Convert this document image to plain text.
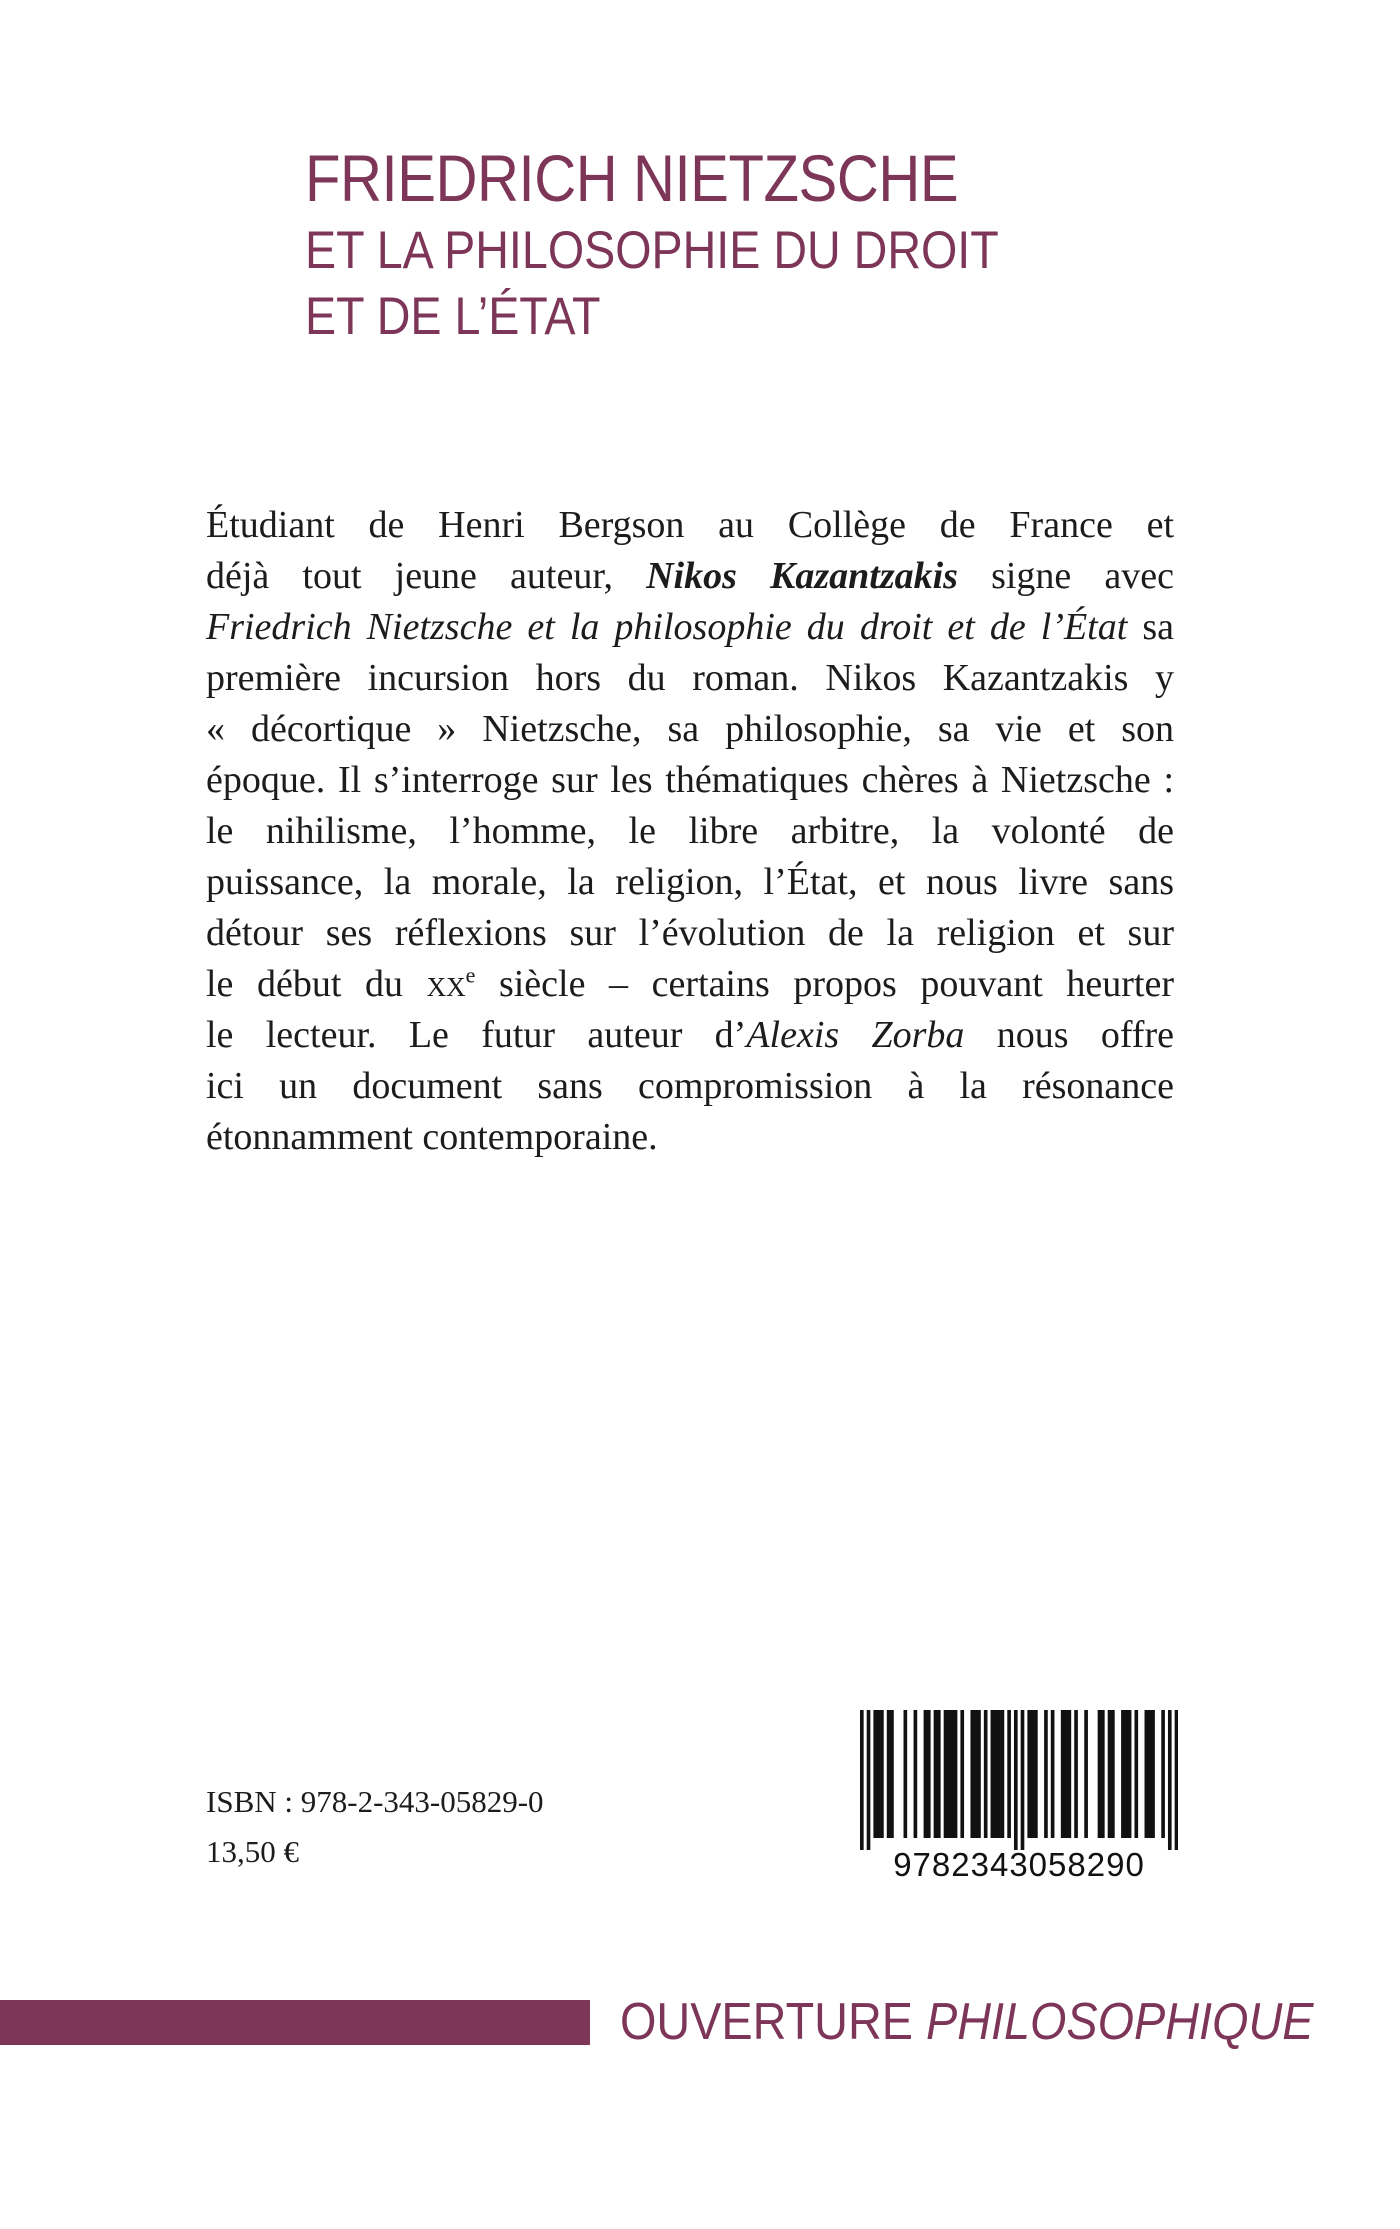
FRIEDRICH NIETZSCHE
ET LA PHILOSOPHIE DU DROIT
ET DE L’ÉTAT
Étudiant de Henri Bergson au Collège de France et
déjà tout jeune auteur, Nikos Kazantzakis signe avec
Friedrich Nietzsche et la philosophie du droit et de l’État sa
première incursion hors du roman. Nikos Kazantzakis y
« décortique » Nietzsche, sa philosophie, sa vie et son
époque. Il s’interroge sur les thématiques chères à Nietzsche :
le nihilisme, l’homme, le libre arbitre, la volonté de
puissance, la morale, la religion, l’État, et nous livre sans
détour ses réflexions sur l’évolution de la religion et sur
le début du $xx^e$ siècle – certains propos pouvant heurter
le lecteur. Le futur auteur d’Alexis Zorba nous offre
ici un document sans compromission à la résonance
étonnamment contemporaine.
ISBN : 978-2-343-05829-0
13,50 €	9782343058290
OUVERTURE PHILOSOPHIQUE
